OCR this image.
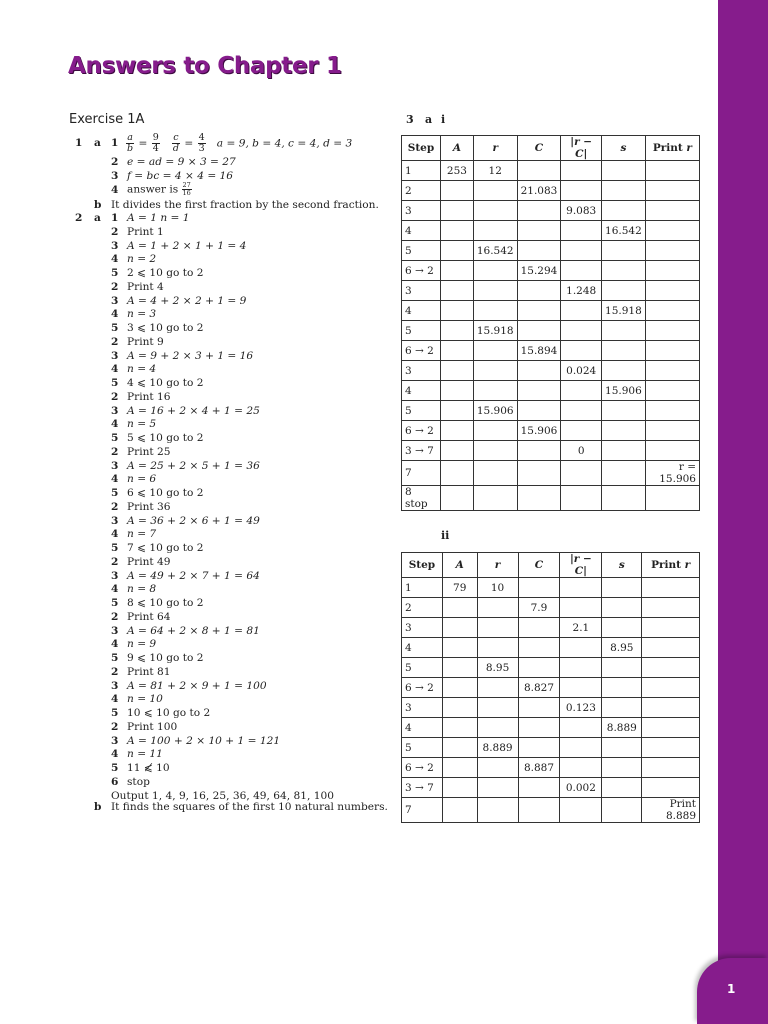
1
Answers to Chapter 1
Exercise 1A
1 a $1 \frac{a}{b} = \frac{9}{4}$
$\frac{c}{d} = \frac{4}{3}$ a = 9, b = 4, c = 4, d = 3
2 e = ad = 9 × 3 = 27
3 f = bc = 4 × 4 = 16
4 answer is $\frac{27}{16}$
b It divides the first fraction by the second fraction.
2 a 1 A = 1 n = 1
2 Print 1
3 A = 1 + 2 × 1 + 1 = 4
4 n = 2
5 2 ⩽ 10 go to 2
2 Print 4
3 A = 4 + 2 × 2 + 1 = 9
4 n = 3
5 3 ⩽ 10 go to 2
2 Print 9
3 A = 9 + 2 × 3 + 1 = 16
4 n = 4
5 4 ⩽ 10 go to 2
2 Print 16
3 A = 16 + 2 × 4 + 1 = 25
4 n = 5
5 5 ⩽ 10 go to 2
2 Print 25
3 A = 25 + 2 × 5 + 1 = 36
4 n = 6
5 6 ⩽ 10 go to 2
2 Print 36
3 A = 36 + 2 × 6 + 1 = 49
4 n = 7
5 7 ⩽ 10 go to 2
2 Print 49
3 A = 49 + 2 × 7 + 1 = 64
4 n = 8
5 8 ⩽ 10 go to 2
2 Print 64
3 A = 64 + 2 × 8 + 1 = 81
4 n = 9
5 9 ⩽ 10 go to 2
2 Print 81
3 A = 81 + 2 × 9 + 1 = 100
4 n = 10
5 10 ⩽ 10 go to 2
2 Print 100
3 A = 100 + 2 × 10 + 1 = 121
4 n = 11
5 11 ⩽̸ 10
6 stop
Output 1, 4, 9, 16, 25, 36, 49, 64, 81, 100
b It finds the squares of the first 10 natural numbers.
3 a i
Step	A	r	C	|r − C|	s	Print r
1	253	12				
2			21.083			
3				9.083		
4					16.542	
5		16.542				
6 → 2			15.294			
3				1.248		
4					15.918	
5		15.918				
6 → 2			15.894			
3				0.024		
4					15.906	
5		15.906				
6 → 2			15.906			
3 → 7				0		
7						r = 15.906
8 stop						
ii
Step	A	r	C	|r − C|	s	Print r
1	79	10				
2			7.9			
3				2.1		
4					8.95	
5		8.95				
6 → 2			8.827			
3				0.123		
4					8.889	
5		8.889				
6 → 2			8.887			
3 → 7				0.002		
7						Print 8.889
